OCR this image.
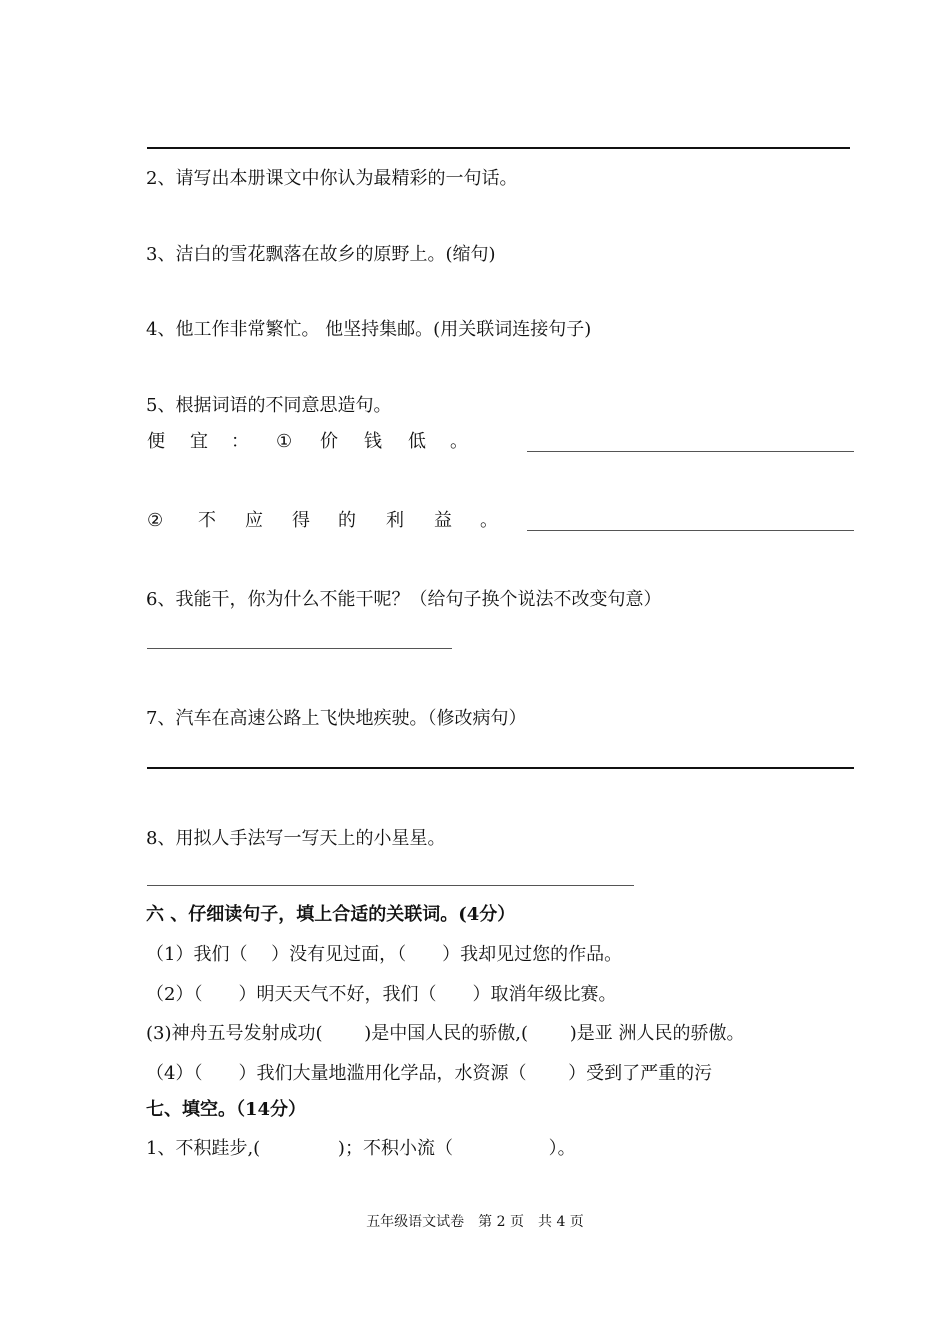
2、请写出本册课文中你认为最精彩的一句话。
3、洁白的雪花飘落在故乡的原野上。(缩句)
4、他工作非常繁忙。 他坚持集邮。(用关联词连接句子)
5、根据词语的不同意思造句。
便 宜 ： ① 价 钱 低 。
② 不 应 得 的 利 益 。
6、我能干，你为什么不能干呢？（给句子换个说法不改变句意）
7、汽车在高速公路上飞快地疾驶。（修改病句）
8、用拟人手法写一写天上的小星星。
六 、仔细读句子，填上合适的关联词。(4分）
（1）我们（　 ）没有见过面，（　　）我却见过您的作品。
（2）（　　）明天天气不好，我们（　　）取消年级比赛。
(3)神舟五号发射成功(　　 )是中国人民的骄傲,(　　 )是亚 洲人民的骄傲。
（4）（　　）我们大量地滥用化学品，水资源（　　 ）受到了严重的污
七、填空。（14分）
1、不积跬步,(　　　　 )；不积小流（　　　　　 ）。
五年级语文试卷　第 2 页　共 4 页
